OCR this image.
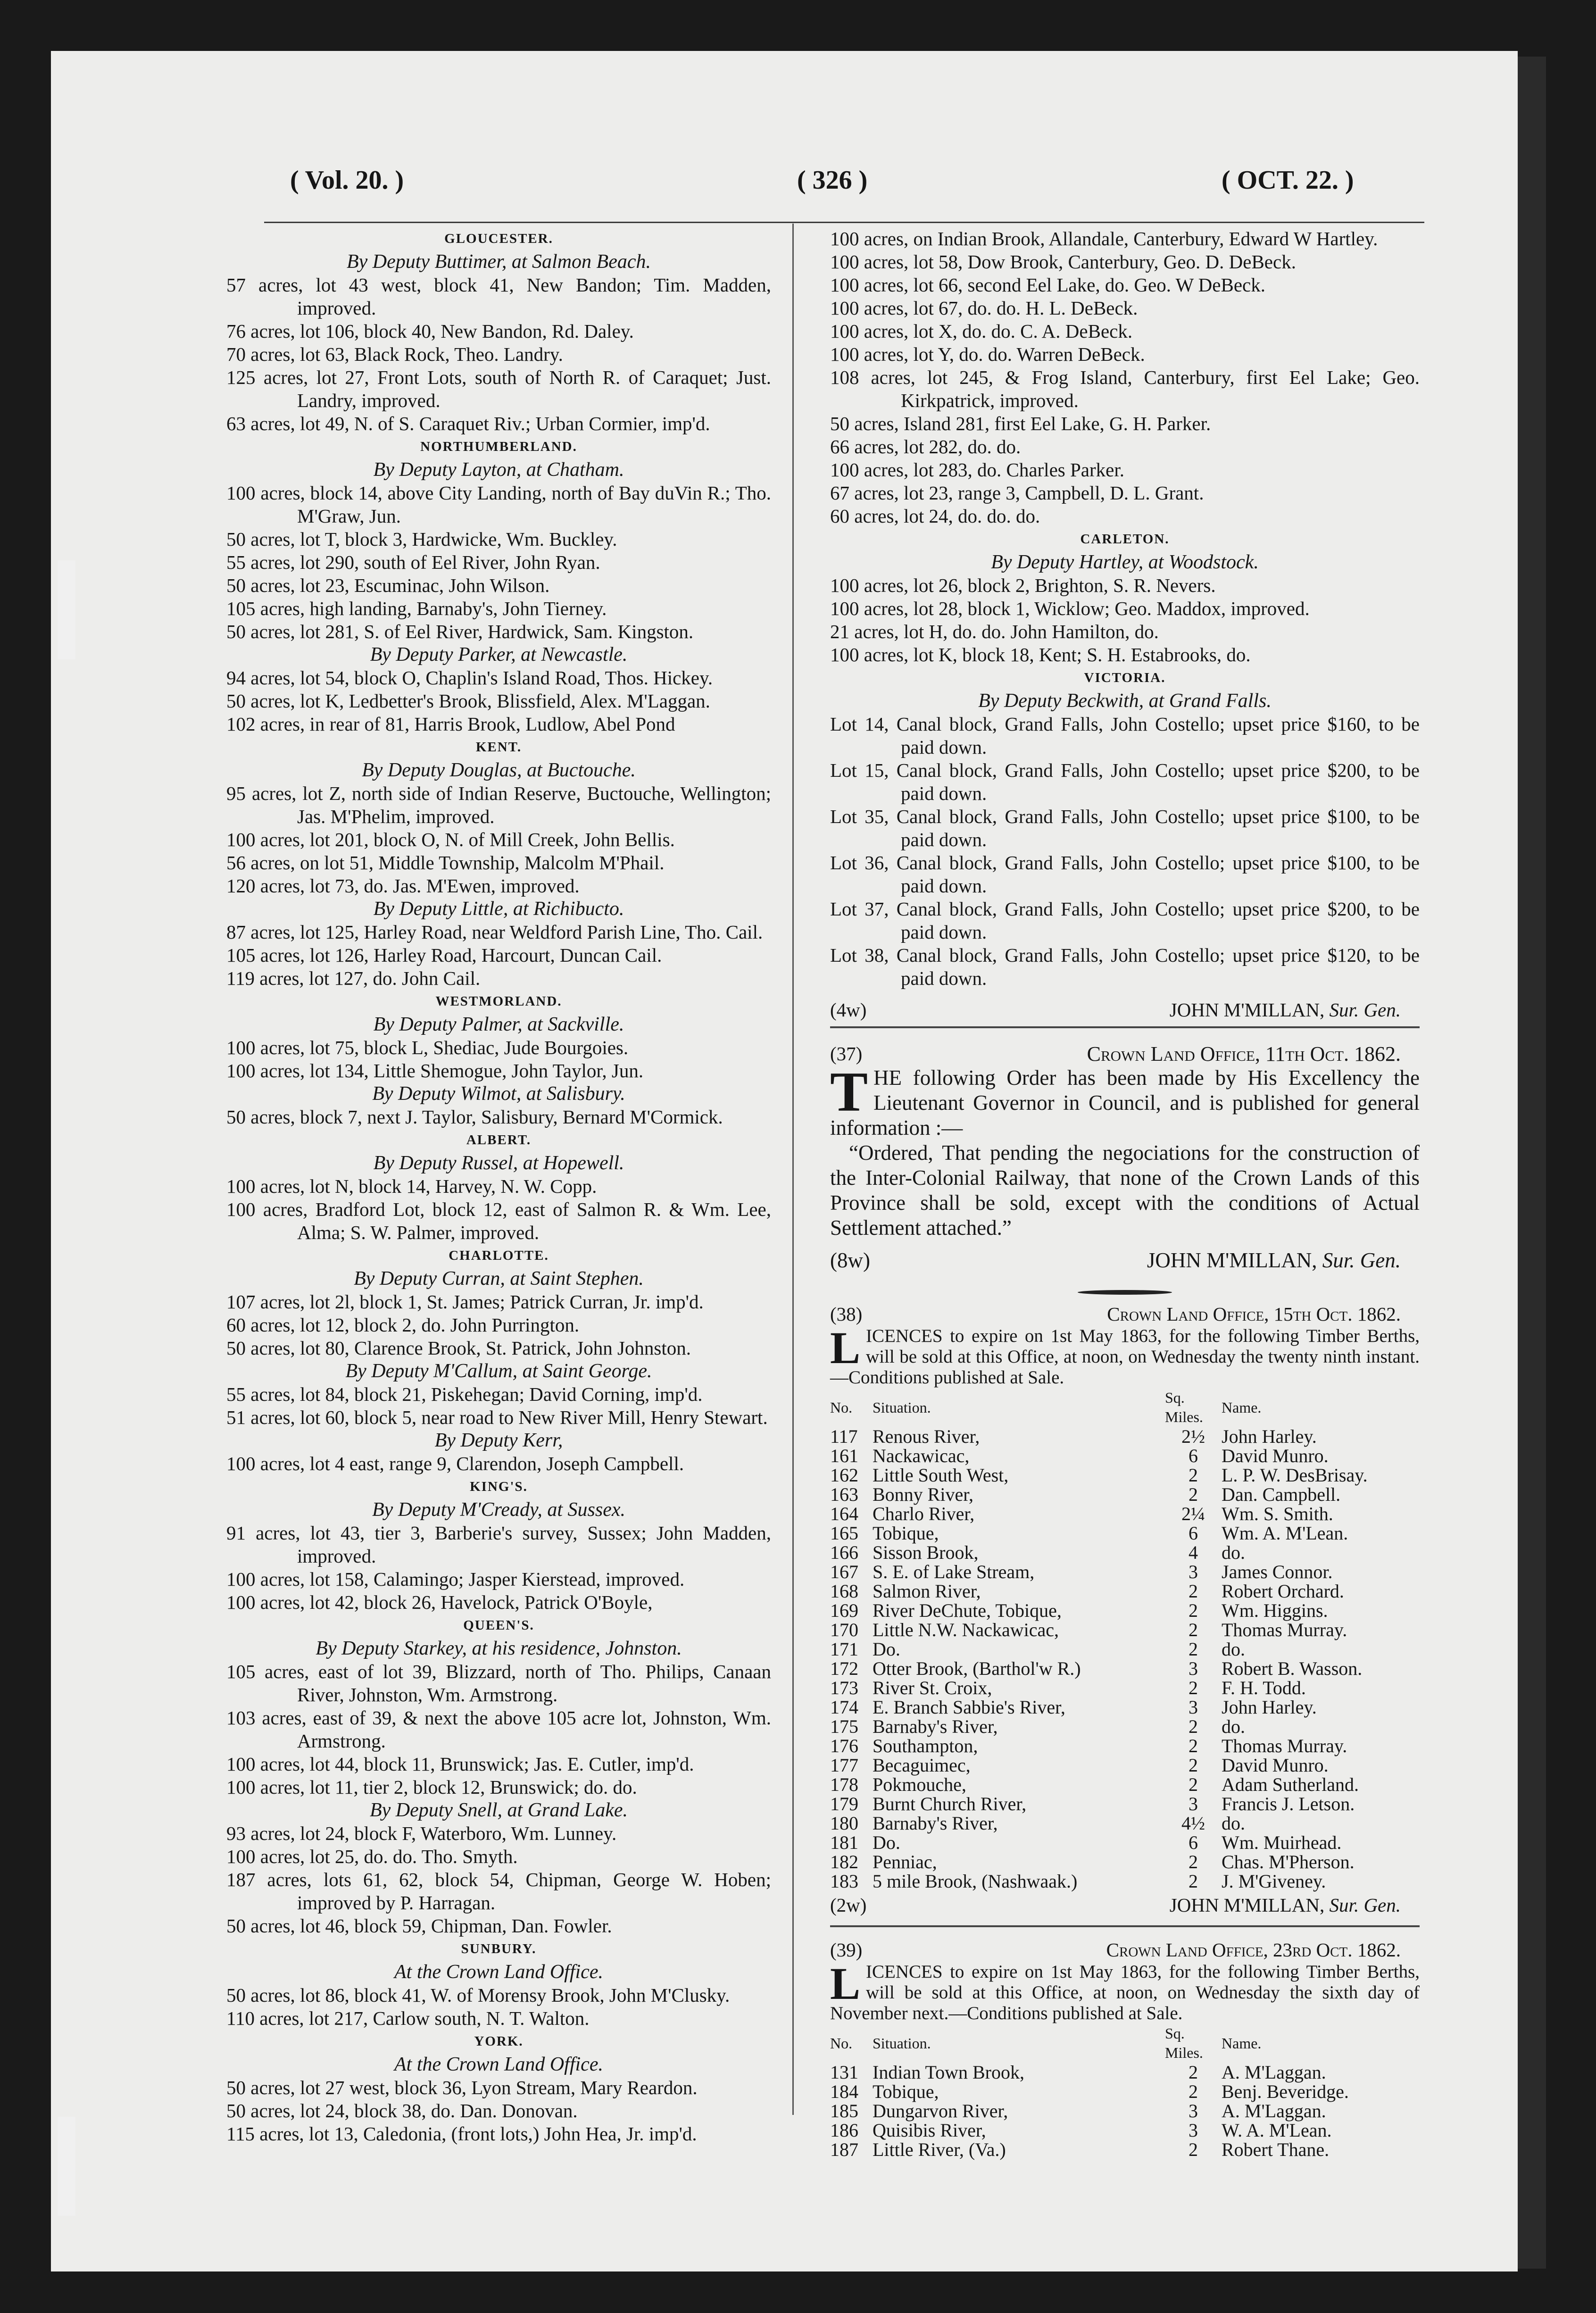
( Vol. 20. )	( 326 )	( OCT. 22. )

GLOUCESTER.

By Deputy Buttimer, at Salmon Beach.

57 acres, lot 43 west, block 41, New Bandon; Tim. Madden, improved.

76 acres, lot 106, block 40, New Bandon, Rd. Daley.

70 acres, lot 63, Black Rock, Theo. Landry.

125 acres, lot 27, Front Lots, south of North R. of Caraquet; Just. Landry, improved.

63 acres, lot 49, N. of S. Caraquet Riv.; Urban Cormier, imp'd.

NORTHUMBERLAND.

By Deputy Layton, at Chatham.

100 acres, block 14, above City Landing, north of Bay duVin R.; Tho. M'Graw, Jun.

50 acres, lot T, block 3, Hardwicke, Wm. Buckley.

55 acres, lot 290, south of Eel River, John Ryan.

50 acres, lot 23, Escuminac, John Wilson.

105 acres, high landing, Barnaby's, John Tierney.

50 acres, lot 281, S. of Eel River, Hardwick, Sam. Kingston.

By Deputy Parker, at Newcastle.

94 acres, lot 54, block O, Chaplin's Island Road, Thos. Hickey.

50 acres, lot K, Ledbetter's Brook, Blissfield, Alex. M'Laggan.

102 acres, in rear of 81, Harris Brook, Ludlow, Abel Pond

KENT.

By Deputy Douglas, at Buctouche.

95 acres, lot Z, north side of Indian Reserve, Buctouche, Wellington; Jas. M'Phelim, improved.

100 acres, lot 201, block O, N. of Mill Creek, John Bellis.

56 acres, on lot 51, Middle Township, Malcolm M'Phail.

120 acres, lot 73, do. Jas. M'Ewen, improved.

By Deputy Little, at Richibucto.

87 acres, lot 125, Harley Road, near Weldford Parish Line, Tho. Cail.

105 acres, lot 126, Harley Road, Harcourt, Duncan Cail.

119 acres, lot 127, do. John Cail.

WESTMORLAND.

By Deputy Palmer, at Sackville.

100 acres, lot 75, block L, Shediac, Jude Bourgoies.

100 acres, lot 134, Little Shemogue, John Taylor, Jun.

By Deputy Wilmot, at Salisbury.

50 acres, block 7, next J. Taylor, Salisbury, Bernard M'Cormick.

ALBERT.

By Deputy Russel, at Hopewell.

100 acres, lot N, block 14, Harvey, N. W. Copp.

100 acres, Bradford Lot, block 12, east of Salmon R. & Wm. Lee, Alma; S. W. Palmer, improved.

CHARLOTTE.

By Deputy Curran, at Saint Stephen.

107 acres, lot 2l, block 1, St. James; Patrick Curran, Jr. imp'd.

60 acres, lot 12, block 2, do. John Purrington.

50 acres, lot 80, Clarence Brook, St. Patrick, John Johnston.

By Deputy M'Callum, at Saint George.

55 acres, lot 84, block 21, Piskehegan; David Corning, imp'd.

51 acres, lot 60, block 5, near road to New River Mill, Henry Stewart.

By Deputy Kerr,

100 acres, lot 4 east, range 9, Clarendon, Joseph Campbell.

KING'S.

By Deputy M'Cready, at Sussex.

91 acres, lot 43, tier 3, Barberie's survey, Sussex; John Madden, improved.

100 acres, lot 158, Calamingo; Jasper Kierstead, improved.

100 acres, lot 42, block 26, Havelock, Patrick O'Boyle,

QUEEN'S.

By Deputy Starkey, at his residence, Johnston.

105 acres, east of lot 39, Blizzard, north of Tho. Philips, Canaan River, Johnston, Wm. Armstrong.

103 acres, east of 39, & next the above 105 acre lot, Johnston, Wm. Armstrong.

100 acres, lot 44, block 11, Brunswick; Jas. E. Cutler, imp'd.

100 acres, lot 11, tier 2, block 12, Brunswick; do. do.

By Deputy Snell, at Grand Lake.

93 acres, lot 24, block F, Waterboro, Wm. Lunney.

100 acres, lot 25, do. do. Tho. Smyth.

187 acres, lots 61, 62, block 54, Chipman, George W. Hoben; improved by P. Harragan.

50 acres, lot 46, block 59, Chipman, Dan. Fowler.

SUNBURY.

At the Crown Land Office.

50 acres, lot 86, block 41, W. of Morensy Brook, John M'Clusky.

110 acres, lot 217, Carlow south, N. T. Walton.

YORK.

At the Crown Land Office.

50 acres, lot 27 west, block 36, Lyon Stream, Mary Reardon.

50 acres, lot 24, block 38, do. Dan. Donovan.

115 acres, lot 13, Caledonia, (front lots,) John Hea, Jr. imp'd.

100 acres, on Indian Brook, Allandale, Canterbury, Edward W Hartley.

100 acres, lot 58, Dow Brook, Canterbury, Geo. D. DeBeck.

100 acres, lot 66, second Eel Lake, do. Geo. W DeBeck.

100 acres, lot 67, do. do. H. L. DeBeck.

100 acres, lot X, do. do. C. A. DeBeck.

100 acres, lot Y, do. do. Warren DeBeck.

108 acres, lot 245, & Frog Island, Canterbury, first Eel Lake; Geo. Kirkpatrick, improved.

50 acres, Island 281, first Eel Lake, G. H. Parker.

66 acres, lot 282, do. do.

100 acres, lot 283, do. Charles Parker.

67 acres, lot 23, range 3, Campbell, D. L. Grant.

60 acres, lot 24, do. do. do.

CARLETON.

By Deputy Hartley, at Woodstock.

100 acres, lot 26, block 2, Brighton, S. R. Nevers.

100 acres, lot 28, block 1, Wicklow; Geo. Maddox, improved.

21 acres, lot H, do. do. John Hamilton, do.

100 acres, lot K, block 18, Kent; S. H. Estabrooks, do.

VICTORIA.

By Deputy Beckwith, at Grand Falls.

Lot 14, Canal block, Grand Falls, John Costello; upset price $160, to be paid down.

Lot 15, Canal block, Grand Falls, John Costello; upset price $200, to be paid down.

Lot 35, Canal block, Grand Falls, John Costello; upset price $100, to be paid down.

Lot 36, Canal block, Grand Falls, John Costello; upset price $100, to be paid down.

Lot 37, Canal block, Grand Falls, John Costello; upset price $200, to be paid down.

Lot 38, Canal block, Grand Falls, John Costello; upset price $120, to be paid down.

(4w)	JOHN M'MILLAN, Sur. Gen.
(37)	Crown Land Office, 11th Oct. 1862.

THE following Order has been made by His Excellency the Lieutenant Governor in Council, and is published for general information :—

“Ordered, That pending the negociations for the construction of the Inter-Colonial Railway, that none of the Crown Lands of this Province shall be sold, except with the conditions of Actual Settlement attached.”

(8w)	JOHN M'MILLAN, Sur. Gen.
(38)	Crown Land Office, 15th Oct. 1862.

LICENCES to expire on 1st May 1863, for the following Timber Berths, will be sold at this Office, at noon, on Wednesday the twenty ninth instant.—Conditions published at Sale.

No.	Situation.	Sq. Miles.	Name.
117	Renous River,	2½	John Harley.
161	Nackawicac,	6	David Munro.
162	Little South West,	2	L. P. W. DesBrisay.
163	Bonny River,	2	Dan. Campbell.
164	Charlo River,	2¼	Wm. S. Smith.
165	Tobique,	6	Wm. A. M'Lean.
166	Sisson Brook,	4	do.
167	S. E. of Lake Stream,	3	James Connor.
168	Salmon River,	2	Robert Orchard.
169	River DeChute, Tobique,	2	Wm. Higgins.
170	Little N.W. Nackawicac,	2	Thomas Murray.
171	Do.	2	do.
172	Otter Brook, (Barthol'w R.)	3	Robert B. Wasson.
173	River St. Croix,	2	F. H. Todd.
174	E. Branch Sabbie's River,	3	John Harley.
175	Barnaby's River,	2	do.
176	Southampton,	2	Thomas Murray.
177	Becaguimec,	2	David Munro.
178	Pokmouche,	2	Adam Sutherland.
179	Burnt Church River,	3	Francis J. Letson.
180	Barnaby's River,	4½	do.
181	Do.	6	Wm. Muirhead.
182	Penniac,	2	Chas. M'Pherson.
183	5 mile Brook, (Nashwaak.)	2	J. M'Giveney.
(2w)	JOHN M'MILLAN, Sur. Gen.
(39)	Crown Land Office, 23rd Oct. 1862.

LICENCES to expire on 1st May 1863, for the following Timber Berths, will be sold at this Office, at noon, on Wednesday the sixth day of November next.—Conditions published at Sale.

No.	Situation.	Sq. Miles.	Name.
131	Indian Town Brook,	2	A. M'Laggan.
184	Tobique,	2	Benj. Beveridge.
185	Dungarvon River,	3	A. M'Laggan.
186	Quisibis River,	3	W. A. M'Lean.
187	Little River, (Va.)	2	Robert Thane.
